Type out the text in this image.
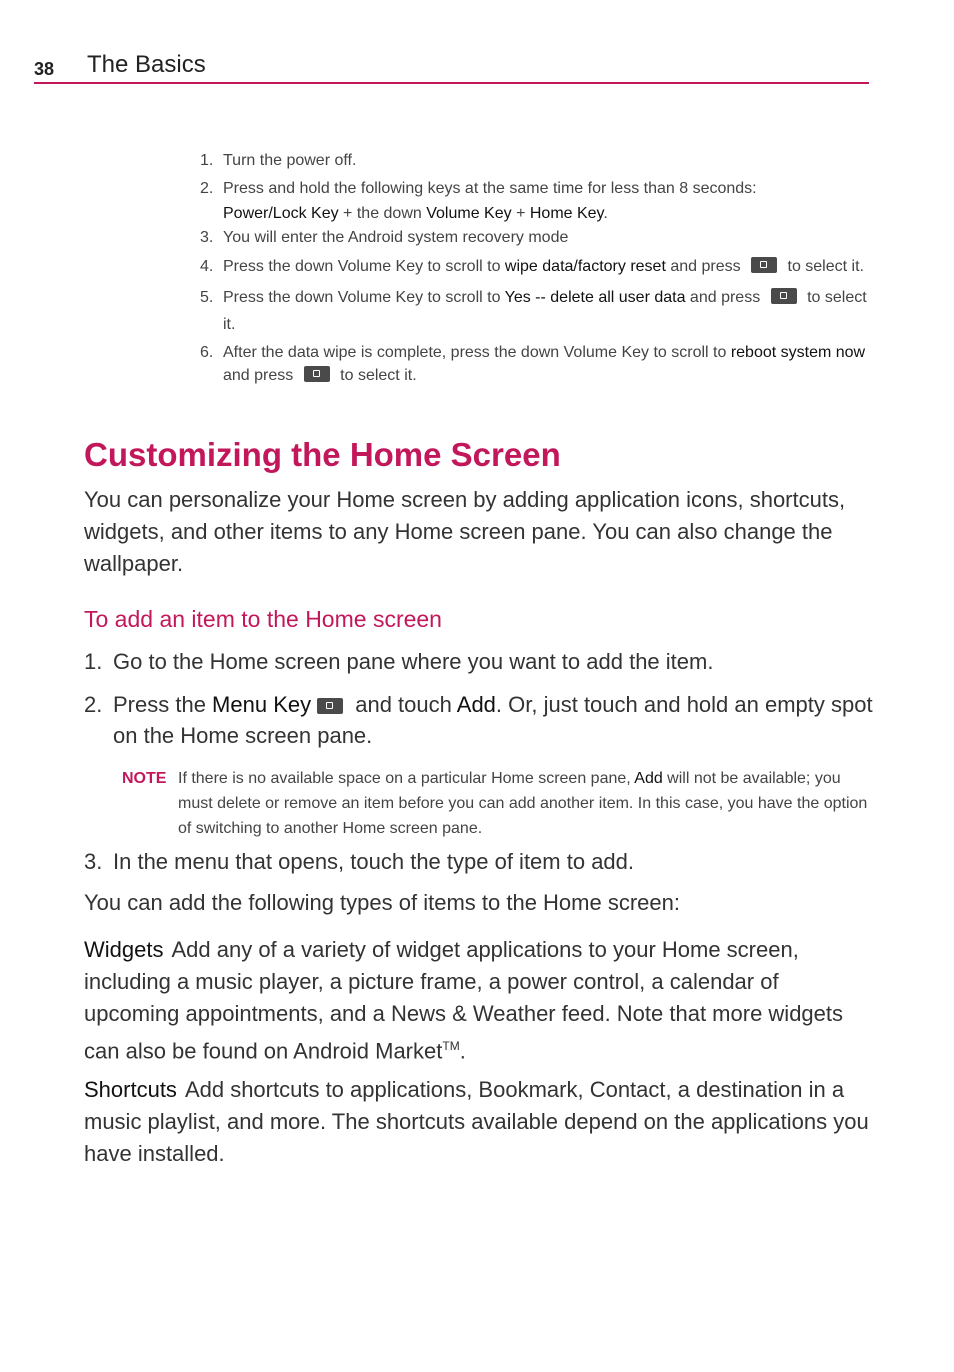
38 The Basics
1. Turn the power off.
2. Press and hold the following keys at the same time for less than 8 seconds:
Power/Lock Key + the down Volume Key + Home Key.
3. You will enter the Android system recovery mode
4. Press the down Volume Key to scroll to wipe data/factory reset and press  to select it.
5. Press the down Volume Key to scroll to Yes -- delete all user data and press  to select it.
6. After the data wipe is complete, press the down Volume Key to scroll to reboot system now and press  to select it.
Customizing the Home Screen

You can personalize your Home screen by adding application icons, shortcuts, widgets, and other items to any Home screen pane. You can also change the wallpaper.

To add an item to the Home screen
1. Go to the Home screen pane where you want to add the item.
2. Press the Menu Key and touch Add. Or, just touch and hold an empty spot on the Home screen pane.
NOTE If there is no available space on a particular Home screen pane, Add will not be available; you must delete or remove an item before you can add another item. In this case, you have the option of switching to another Home screen pane.
3. In the menu that opens, touch the type of item to add.

You can add the following types of items to the Home screen:

Widgets Add any of a variety of widget applications to your Home screen, including a music player, a picture frame, a power control, a calendar of upcoming appointments, and a News & Weather feed. Note that more widgets can also be found on Android Market™.

Shortcuts Add shortcuts to applications, Bookmark, Contact, a destination in a music playlist, and more. The shortcuts available depend on the applications you have installed.
